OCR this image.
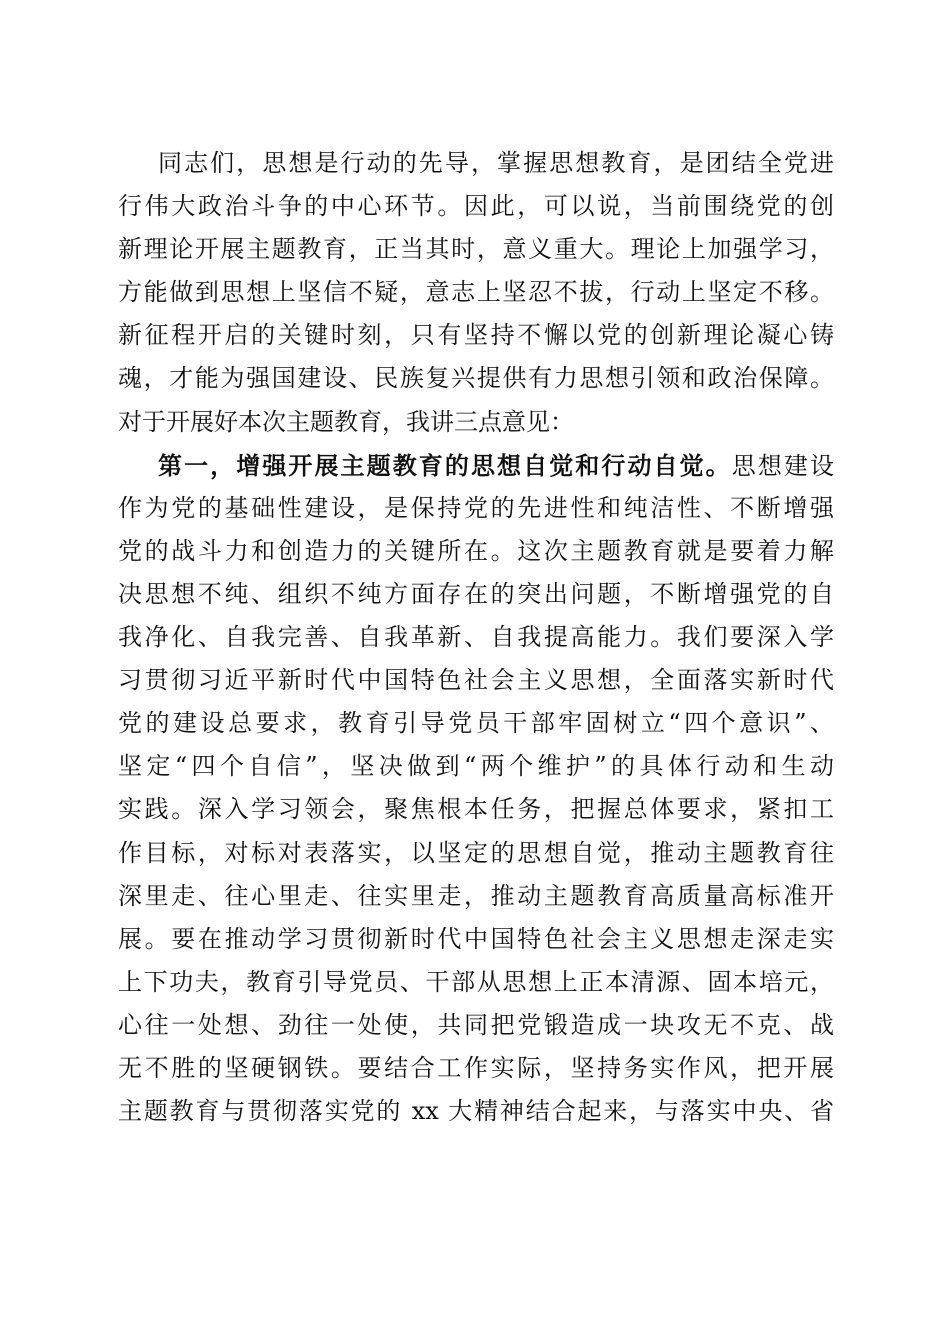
同志们，思想是行动的先导，掌握思想教育，是团结全党进
行伟大政治斗争的中心环节。因此，可以说，当前围绕党的创
新理论开展主题教育，正当其时，意义重大。理论上加强学习，
方能做到思想上坚信不疑，意志上坚忍不拔，行动上坚定不移。
新征程开启的关键时刻，只有坚持不懈以党的创新理论凝心铸
魂，才能为强国建设、民族复兴提供有力思想引领和政治保障。
对于开展好本次主题教育，我讲三点意见：
第一，增强开展主题教育的思想自觉和行动自觉。思想建设
作为党的基础性建设，是保持党的先进性和纯洁性、不断增强
党的战斗力和创造力的关键所在。这次主题教育就是要着力解
决思想不纯、组织不纯方面存在的突出问题，不断增强党的自
我净化、自我完善、自我革新、自我提高能力。我们要深入学
习贯彻习近平新时代中国特色社会主义思想，全面落实新时代
党的建设总要求，教育引导党员干部牢固树立“四个意识”、
坚定“四个自信”，坚决做到“两个维护”的具体行动和生动
实践。深入学习领会，聚焦根本任务，把握总体要求，紧扣工
作目标，对标对表落实，以坚定的思想自觉，推动主题教育往
深里走、往心里走、往实里走，推动主题教育高质量高标准开
展。要在推动学习贯彻新时代中国特色社会主义思想走深走实
上下功夫，教育引导党员、干部从思想上正本清源、固本培元，
心往一处想、劲往一处使，共同把党锻造成一块攻无不克、战
无不胜的坚硬钢铁。要结合工作实际，坚持务实作风，把开展
主题教育与贯彻落实党的 xx 大精神结合起来，与落实中央、省
